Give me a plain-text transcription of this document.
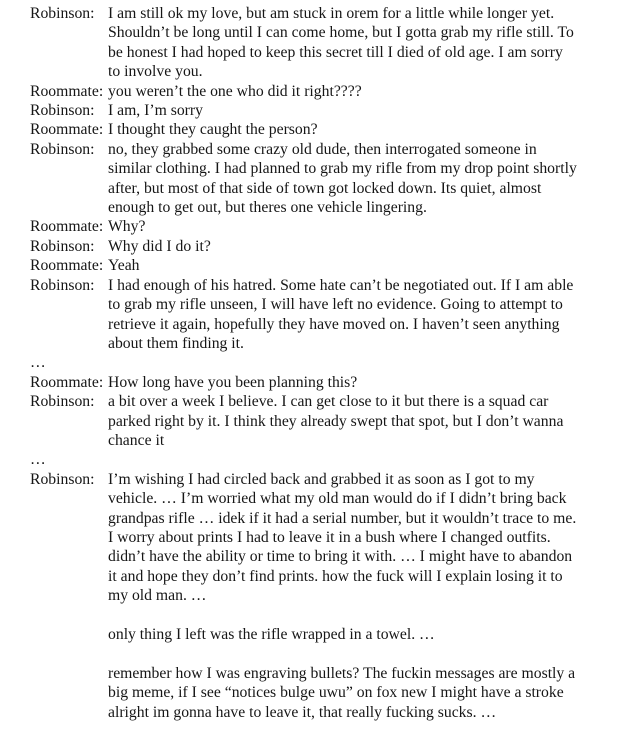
Robinson: I am still ok my love, but am stuck in orem for a little while longer yet.
Shouldn’t be long until I can come home, but I gotta grab my rifle still. To
be honest I had hoped to keep this secret till I died of old age. I am sorry
to involve you.
Roommate: you weren’t the one who did it right????
Robinson: I am, I’m sorry
Roommate: I thought they caught the person?
Robinson: no, they grabbed some crazy old dude, then interrogated someone in
similar clothing. I had planned to grab my rifle from my drop point shortly
after, but most of that side of town got locked down. Its quiet, almost
enough to get out, but theres one vehicle lingering.
Roommate: Why?
Robinson: Why did I do it?
Roommate: Yeah
Robinson: I had enough of his hatred. Some hate can’t be negotiated out. If I am able
to grab my rifle unseen, I will have left no evidence. Going to attempt to
retrieve it again, hopefully they have moved on. I haven’t seen anything
about them finding it.
…
Roommate: How long have you been planning this?
Robinson: a bit over a week I believe. I can get close to it but there is a squad car
parked right by it. I think they already swept that spot, but I don’t wanna
chance it
…
Robinson: I’m wishing I had circled back and grabbed it as soon as I got to my
vehicle. … I’m worried what my old man would do if I didn’t bring back
grandpas rifle … idek if it had a serial number, but it wouldn’t trace to me.
I worry about prints I had to leave it in a bush where I changed outfits.
didn’t have the ability or time to bring it with. … I might have to abandon
it and hope they don’t find prints. how the fuck will I explain losing it to
my old man. …

only thing I left was the rifle wrapped in a towel. …

remember how I was engraving bullets? The fuckin messages are mostly a
big meme, if I see “notices bulge uwu” on fox new I might have a stroke
alright im gonna have to leave it, that really fucking sucks. …
